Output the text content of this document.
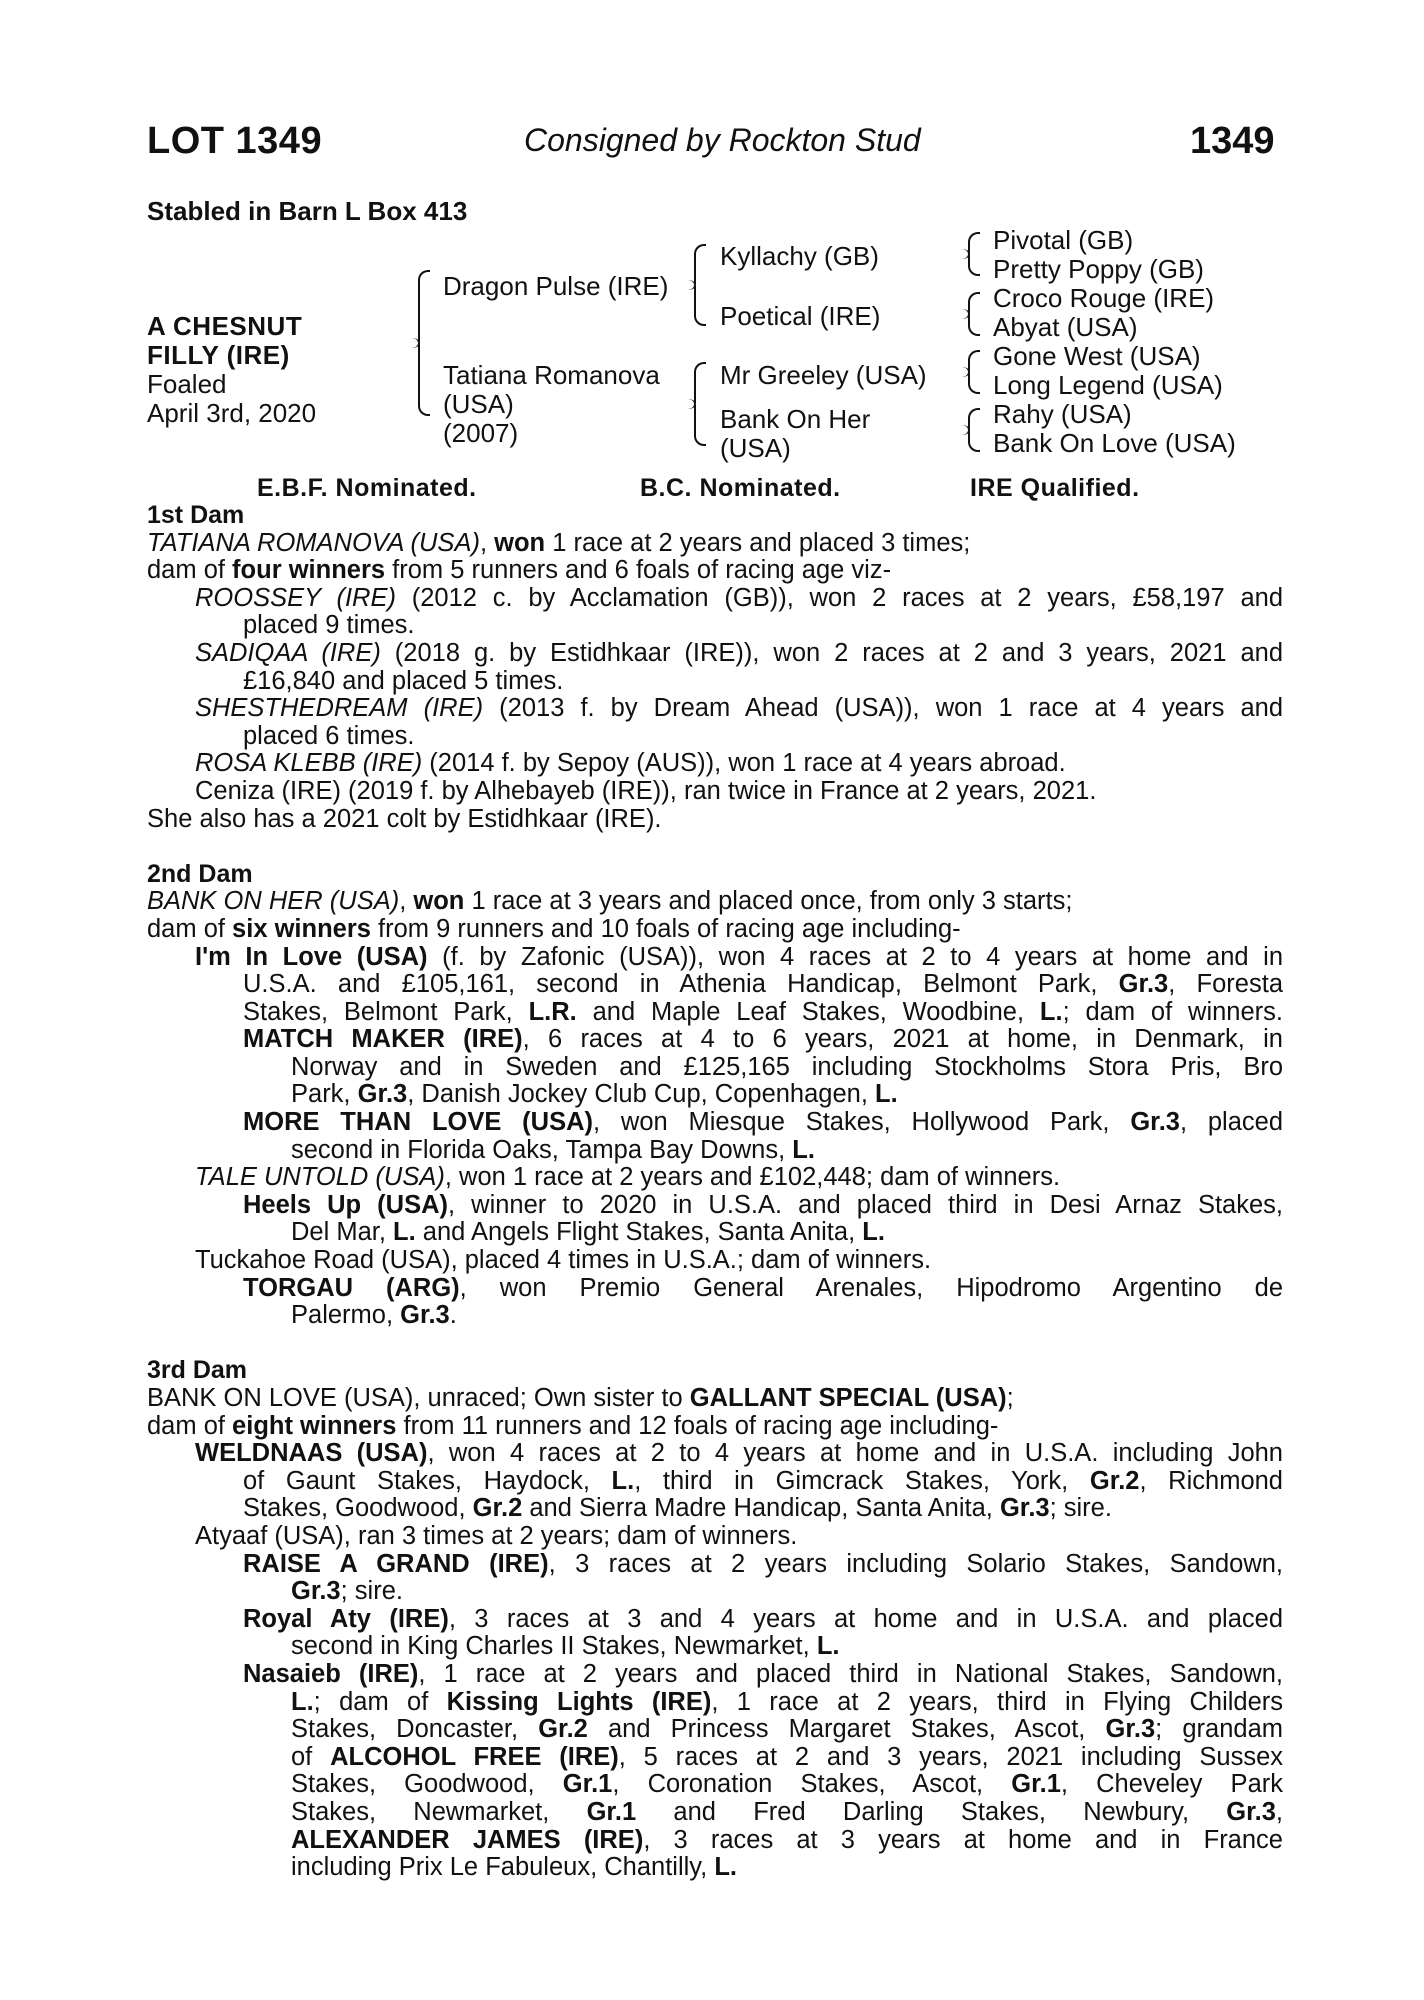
LOT 1349	Consigned by Rockton Stud	1349
Stabled in Barn L Box 413
A CHESNUT
FILLY (IRE)
Foaled
April 3rd, 2020
Dragon Pulse (IRE)
Tatiana Romanova
(USA)
(2007)
Kyllachy (GB)
Poetical (IRE)
Mr Greeley (USA)
Bank On Her
(USA)
Pivotal (GB)
Pretty Poppy (GB)
Croco Rouge (IRE)
Abyat (USA)
Gone West (USA)
Long Legend (USA)
Rahy (USA)
Bank On Love (USA)
E.B.F. Nominated.	B.C. Nominated.	IRE Qualified.
1st Dam
TATIANA ROMANOVA (USA), won 1 race at 2 years and placed 3 times;
dam of four winners from 5 runners and 6 foals of racing age viz-
ROOSSEY (IRE) (2012 c. by Acclamation (GB)), won 2 races at 2 years, £58,197 and
placed 9 times.
SADIQAA (IRE) (2018 g. by Estidhkaar (IRE)), won 2 races at 2 and 3 years, 2021 and
£16,840 and placed 5 times.
SHESTHEDREAM (IRE) (2013 f. by Dream Ahead (USA)), won 1 race at 4 years and
placed 6 times.
ROSA KLEBB (IRE) (2014 f. by Sepoy (AUS)), won 1 race at 4 years abroad.
Ceniza (IRE) (2019 f. by Alhebayeb (IRE)), ran twice in France at 2 years, 2021.
She also has a 2021 colt by Estidhkaar (IRE).
2nd Dam
BANK ON HER (USA), won 1 race at 3 years and placed once, from only 3 starts;
dam of six winners from 9 runners and 10 foals of racing age including-
I'm In Love (USA) (f. by Zafonic (USA)), won 4 races at 2 to 4 years at home and in
U.S.A. and £105,161, second in Athenia Handicap, Belmont Park, Gr.3, Foresta
Stakes, Belmont Park, L.R. and Maple Leaf Stakes, Woodbine, L.; dam of winners.
MATCH MAKER (IRE), 6 races at 4 to 6 years, 2021 at home, in Denmark, in
Norway and in Sweden and £125,165 including Stockholms Stora Pris, Bro
Park, Gr.3, Danish Jockey Club Cup, Copenhagen, L.
MORE THAN LOVE (USA), won Miesque Stakes, Hollywood Park, Gr.3, placed
second in Florida Oaks, Tampa Bay Downs, L.
TALE UNTOLD (USA), won 1 race at 2 years and £102,448; dam of winners.
Heels Up (USA), winner to 2020 in U.S.A. and placed third in Desi Arnaz Stakes,
Del Mar, L. and Angels Flight Stakes, Santa Anita, L.
Tuckahoe Road (USA), placed 4 times in U.S.A.; dam of winners.
TORGAU (ARG), won Premio General Arenales, Hipodromo Argentino de
Palermo, Gr.3.
3rd Dam
BANK ON LOVE (USA), unraced; Own sister to GALLANT SPECIAL (USA);
dam of eight winners from 11 runners and 12 foals of racing age including-
WELDNAAS (USA), won 4 races at 2 to 4 years at home and in U.S.A. including John
of Gaunt Stakes, Haydock, L., third in Gimcrack Stakes, York, Gr.2, Richmond
Stakes, Goodwood, Gr.2 and Sierra Madre Handicap, Santa Anita, Gr.3; sire.
Atyaaf (USA), ran 3 times at 2 years; dam of winners.
RAISE A GRAND (IRE), 3 races at 2 years including Solario Stakes, Sandown,
Gr.3; sire.
Royal Aty (IRE), 3 races at 3 and 4 years at home and in U.S.A. and placed
second in King Charles II Stakes, Newmarket, L.
Nasaieb (IRE), 1 race at 2 years and placed third in National Stakes, Sandown,
L.; dam of Kissing Lights (IRE), 1 race at 2 years, third in Flying Childers
Stakes, Doncaster, Gr.2 and Princess Margaret Stakes, Ascot, Gr.3; grandam
of ALCOHOL FREE (IRE), 5 races at 2 and 3 years, 2021 including Sussex
Stakes, Goodwood, Gr.1, Coronation Stakes, Ascot, Gr.1, Cheveley Park
Stakes, Newmarket, Gr.1 and Fred Darling Stakes, Newbury, Gr.3,
ALEXANDER JAMES (IRE), 3 races at 3 years at home and in France
including Prix Le Fabuleux, Chantilly, L.
